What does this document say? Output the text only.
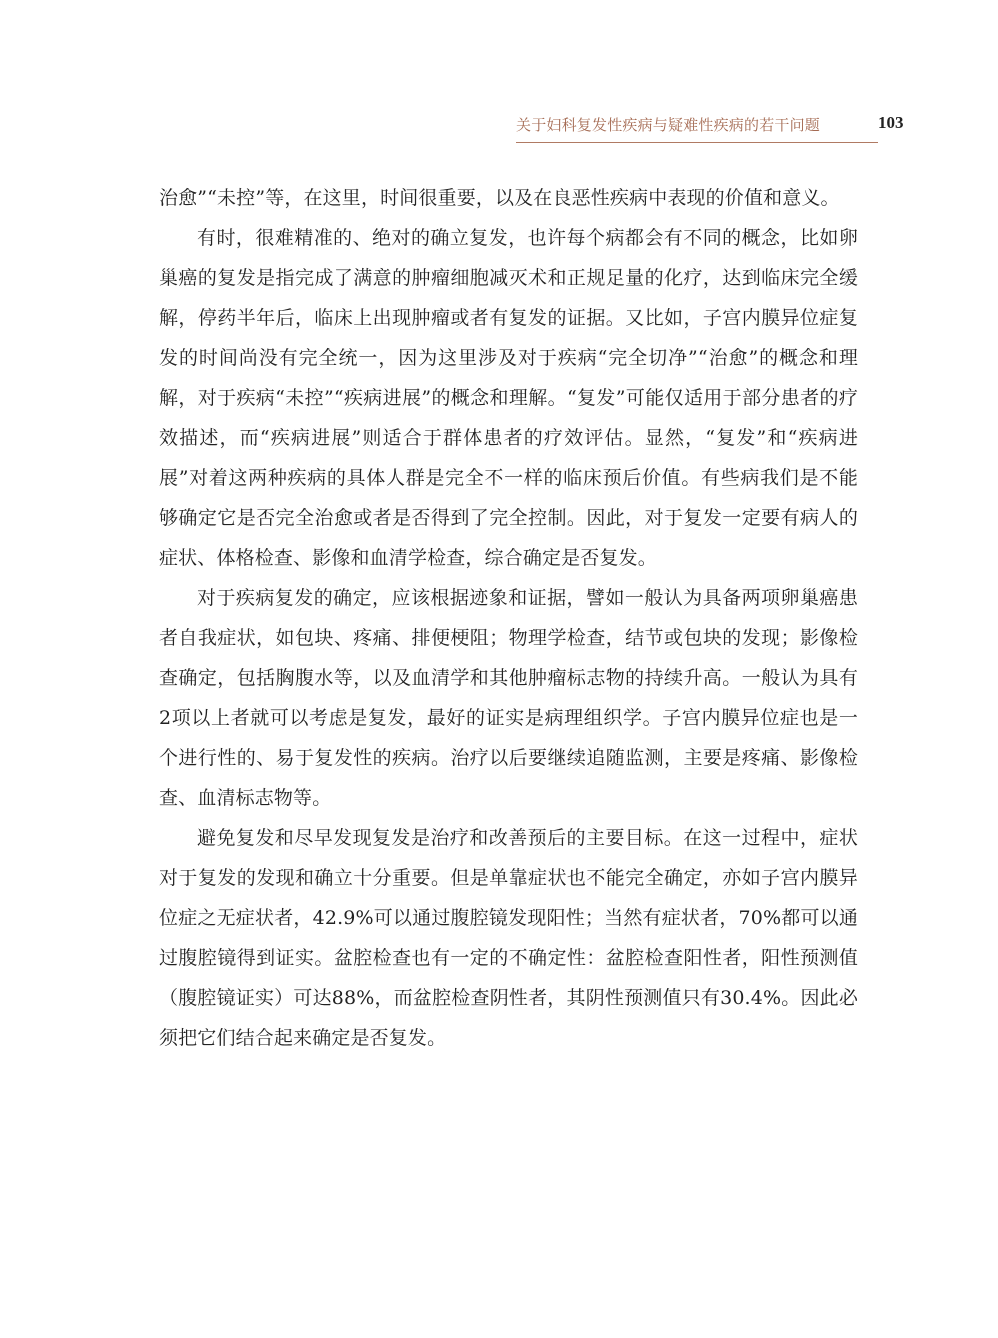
关于妇科复发性疾病与疑难性疾病的若干问题	103

治愈”“未控”等，在这里，时间很重要，以及在良恶性疾病中表现的价值和意义。

有时，很难精准的、绝对的确立复发，也许每个病都会有不同的概念，比如卵巢癌的复发是指完成了满意的肿瘤细胞减灭术和正规足量的化疗，达到临床完全缓解，停药半年后，临床上出现肿瘤或者有复发的证据。又比如，子宫内膜异位症复发的时间尚没有完全统一，因为这里涉及对于疾病“完全切净”“治愈”的概念和理解，对于疾病“未控”“疾病进展”的概念和理解。“复发”可能仅适用于部分患者的疗效描述，而“疾病进展”则适合于群体患者的疗效评估。显然，“复发”和“疾病进展”对着这两种疾病的具体人群是完全不一样的临床预后价值。有些病我们是不能够确定它是否完全治愈或者是否得到了完全控制。因此，对于复发一定要有病人的症状、体格检查、影像和血清学检查，综合确定是否复发。

对于疾病复发的确定，应该根据迹象和证据，譬如一般认为具备两项卵巢癌患者自我症状，如包块、疼痛、排便梗阻；物理学检查，结节或包块的发现；影像检查确定，包括胸腹水等，以及血清学和其他肿瘤标志物的持续升高。一般认为具有2项以上者就可以考虑是复发，最好的证实是病理组织学。子宫内膜异位症也是一个进行性的、易于复发性的疾病。治疗以后要继续追随监测，主要是疼痛、影像检查、血清标志物等。

避免复发和尽早发现复发是治疗和改善预后的主要目标。在这一过程中，症状对于复发的发现和确立十分重要。但是单靠症状也不能完全确定，亦如子宫内膜异位症之无症状者，42.9%可以通过腹腔镜发现阳性；当然有症状者，70%都可以通过腹腔镜得到证实。盆腔检查也有一定的不确定性：盆腔检查阳性者，阳性预测值（腹腔镜证实）可达88%，而盆腔检查阴性者，其阴性预测值只有30.4%。因此必须把它们结合起来确定是否复发。
